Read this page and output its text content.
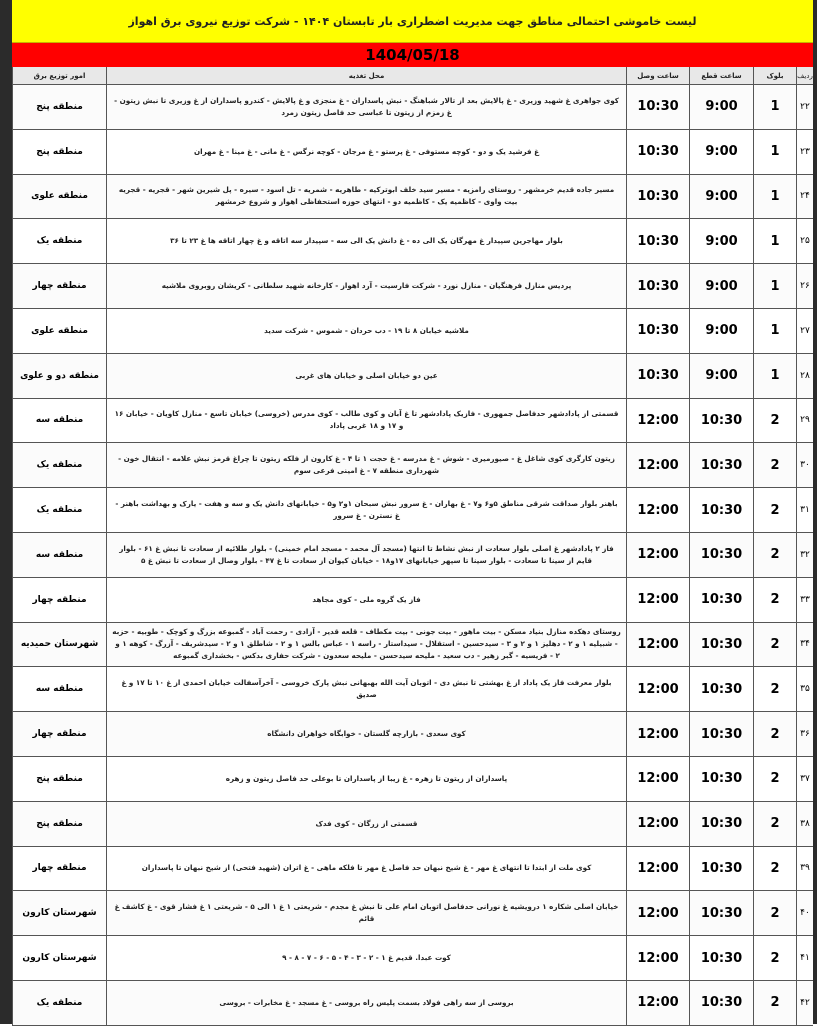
لیست خاموشی احتمالی مناطق جهت مدیریت اضطراری بار تابستان ۱۴۰۴ - شرکت توزیع نیروی برق اهواز
1404/05/18
ردیف
بلوک
ساعت قطع
ساعت وصل
محل تغذیه
امور توزیع برق
۲۲
1
9:00
10:30
کوی جواهری غ شهید وزیری - غ پالایش بعد از تالار شباهنگ - نبش پاسداران - غ منجزی و غ پالایش - کندرو پاسداران از غ وزیری تا نبش زیتون - غ زمزم از زیتون تا عباسی حد فاصل زیتون زمرد
منطقه پنج
۲۳
1
9:00
10:30
غ فرشید یک و دو - کوچه مستوفی - غ پرستو - غ مرجان - کوچه نرگس - غ مانی - غ مینا - غ مهران
منطقه پنج
۲۴
1
9:00
10:30
مسیر جاده قدیم خرمشهر - روستای رامزیه - مسیر سید خلف ابوترکیه - طاهریه - شمریه - تل اسود - سیره - پل شیرین شهر - قجریه - قجریه بیت واوی - کاظمیه یک - کاظمیه دو - انتهای حوزه استحفاظی اهواز و شروع خرمشهر
منطقه علوی
۲۵
1
9:00
10:30
بلوار مهاجرین سپیدار غ مهرگان یک الی ده - غ دانش یک الی سه - سپیدار سه اتاقه و غ چهار اتاقه ها غ ۲۳ تا ۳۶
منطقه یک
۲۶
1
9:00
10:30
پردیس منازل فرهنگیان - منازل نورد - شرکت فارسیت - آرد اهواز - کارخانه شهید سلطانی - کریشان روبروی ملاشیه
منطقه چهار
۲۷
1
9:00
10:30
ملاشیه خیابان ۸ تا ۱۹ - دب حردان - شموس - شرکت سدید
منطقه علوی
۲۸
1
9:00
10:30
عین دو خیابان اصلی و خیابان های غربی
منطقه دو و علوی
۲۹
2
10:30
12:00
قسمتی از پادادشهر حدفاصل جمهوری - فازیک پادادشهر تا غ آبان و کوی طالب - کوی مدرس (خروسی) خیابان تاسع - منازل کاویان - خیابان ۱۶ و ۱۷ و ۱۸ غربی پاداد
منطقه سه
۳۰
2
10:30
12:00
زیتون کارگری کوی شاغل غ - صیورمیری - شوش - غ مدرسه - غ حجت ۱ تا ۴ - غ کارون از فلکه زیتون تا چراغ قرمز نبش علامه - انتقال خون - شهرداری منطقه ۷ - غ امینی فرعی سوم
منطقه یک
۳۱
2
10:30
12:00
باهنر بلوار صداقت شرقی مناطق ۵و۶ و۷ - غ بهاران - غ سرور نبش سبحان ۱و۲ و۵ - خیابانهای دانش یک و سه و هفت - یارک و بهداشت باهنر - غ نسترن - غ سرور
منطقه یک
۳۲
2
10:30
12:00
فاز ۲ پادادشهر غ اصلی بلوار سعادت از نبش نشاط تا انتها (مسجد آل محمد - مسجد امام خمینی) - بلوار طلائیه از سعادت تا نبش غ ۶۱ - بلوار قایم از سینا تا سعادت - بلوار سینا تا سپهر خیابانهای ۱۷و۱۸ - خیابان کیوان از سعادت تا غ ۴۷ - بلوار وصال از سعادت تا نبش غ ۵
منطقه سه
۳۳
2
10:30
12:00
فاز یک گروه ملی - کوی مجاهد
منطقه چهار
۳۴
2
10:30
12:00
روستای دهکده منازل بنیاد مسکن - بیت ماهور - بیت جونی - بیت مکطاف - قلعه قدیر - آزادی - رحمت آباد - گمبوعه بزرگ و کوچک - طوبیه - حزبه - شبیلیه ۱ و ۲ - دهلیز ۱ و ۲ و ۳ - سیدحسین - استقلال - سیداستار - راسه ۱ - عباس بالس ۱ و ۲ - شاطلق ۱ و ۲ - سیدشریف - آزرگ - کوهه ۱ و ۲ - فریسیه - گبر زهیر - دب سعید - ملیحه سیدحسن - ملیحه سعدون - شرکت حفاری بدکس - بخشداری گمبوعه
شهرستان حمیدیه
۳۵
2
10:30
12:00
بلوار معرفت فاز یک پاداد از غ بهشتی تا نبش دی - اتوبان آیت الله بهبهانی نبش پارک خروسی - آخرآسفالت خیابان احمدی از غ ۱۰ تا ۱۷ و غ صدیق
منطقه سه
۳۶
2
10:30
12:00
کوی سعدی - بازارچه گلستان - خوابگاه خواهران دانشگاه
منطقه چهار
۳۷
2
10:30
12:00
پاسداران از زیتون تا زهره - غ زیبا از پاسداران تا بوعلی حد فاصل زیتون و زهره
منطقه پنج
۳۸
2
10:30
12:00
قسمتی از زرگان - کوی فدک
منطقه پنج
۳۹
2
10:30
12:00
کوی ملت از ابتدا تا انتهای غ مهر - غ شیخ نبهان حد فاصل غ مهر تا فلکه ماهی - غ اتران (شهید فتحی) از شیخ نبهان تا پاسداران
منطقه چهار
۴۰
2
10:30
12:00
خیابان اصلی شکاره ۱ درویشیه غ نورانی حدفاصل اتوبان امام علی تا نبش غ مجدم - شریعتی ۱ غ ۱ الی ۵ - شریعتی ۱ غ فشار قوی - غ کاشف غ قائم
شهرستان کارون
۴۱
2
10:30
12:00
کوت عبدا. قدیم غ ۱ - ۲ - ۳ - ۴ - ۵ - ۶ - ۷ - ۸ - ۹
شهرستان کارون
۴۲
2
10:30
12:00
بروسی از سه راهی فولاد بسمت پلیس راه بروسی - غ مسجد - غ مخابرات - بروسی
منطقه یک
